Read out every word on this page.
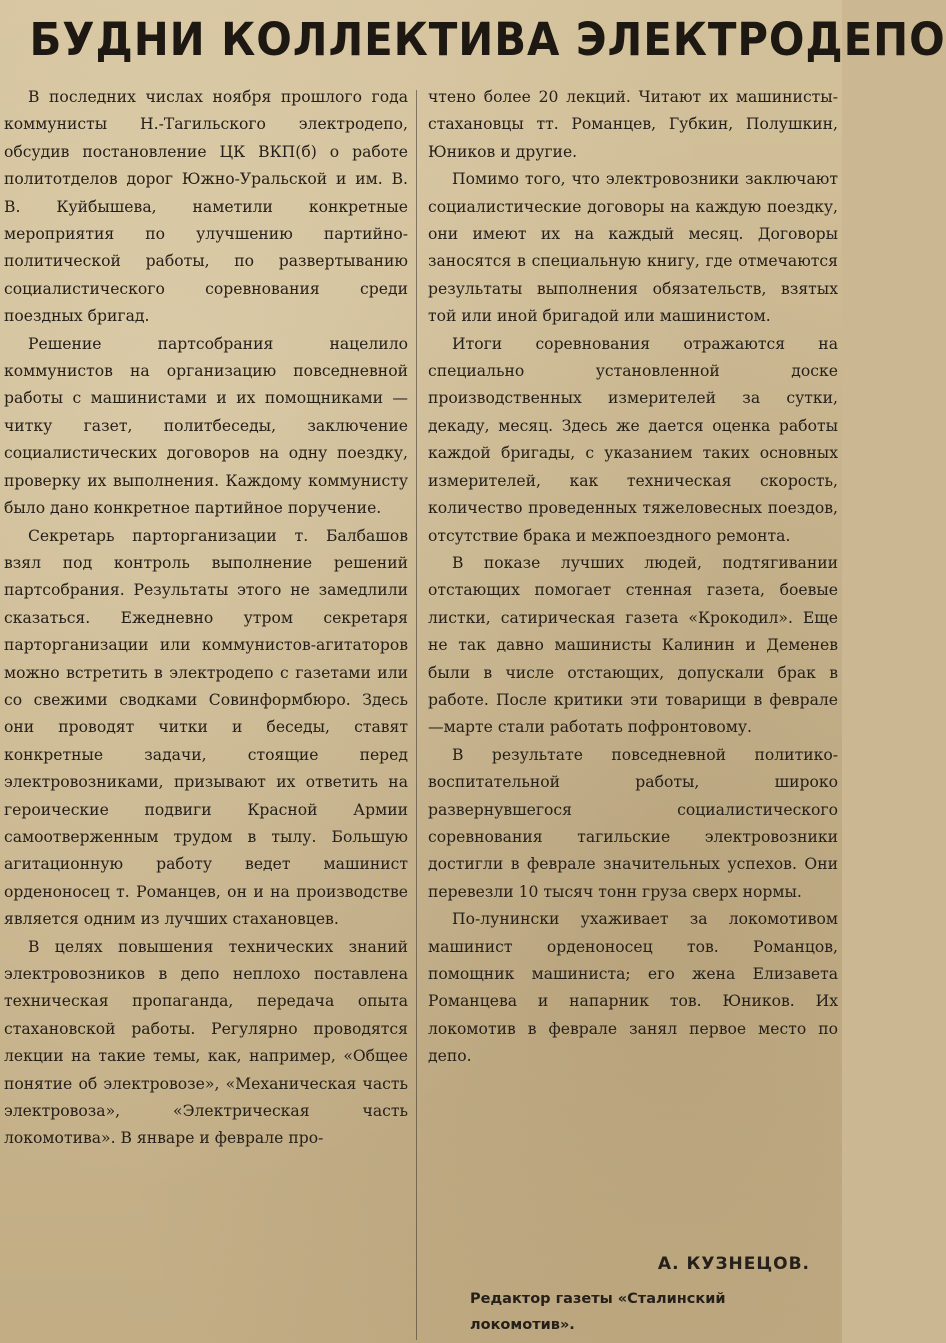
БУДНИ КОЛЛЕКТИВА ЭЛЕКТРОДЕПО

В последних числах ноября прошлого года коммунисты Н.-Тагильского электродепо, обсудив постановление ЦК ВКП(б) о работе политотделов дорог Южно-Уральской и им. В. В. Куйбышева, наметили конкретные мероприятия по улучшению партийно-политической работы, по развертыванию социалистического соревнования среди поездных бригад.

Решение партсобрания нацелило коммунистов на организацию повседневной работы с машинистами и их помощниками — читку газет, политбеседы, заключение социалистических договоров на одну поездку, проверку их выполнения. Каждому коммунисту было дано конкретное партийное поручение.

Секретарь парторганизации т. Балбашов взял под контроль выполнение решений партсобрания. Результаты этого не замедлили сказаться. Ежедневно утром секретаря парторганизации или коммунистов-агитаторов можно встретить в электродепо с газетами или со свежими сводками Совинформбюро. Здесь они проводят читки и беседы, ставят конкретные задачи, стоящие перед электровозниками, призывают их ответить на героические подвиги Красной Армии самоотверженным трудом в тылу. Большую агитационную работу ведет машинист орденоносец т. Романцев, он и на производстве является одним из лучших стахановцев.

В целях повышения технических знаний электровозников в депо неплохо поставлена техническая пропаганда, передача опыта стахановской работы. Регулярно проводятся лекции на такие темы, как, например, «Общее понятие об электровозе», «Механическая часть электровоза», «Электрическая часть локомотива». В январе и феврале про-

чтено более 20 лекций. Читают их машинисты-стахановцы тт. Романцев, Губкин, Полушкин, Юников и другие.

Помимо того, что электровозники заключают социалистические договоры на каждую поездку, они имеют их на каждый месяц. Договоры заносятся в специальную книгу, где отмечаются результаты выполнения обязательств, взятых той или иной бригадой или машинистом.

Итоги соревнования отражаются на специально установленной доске производственных измерителей за сутки, декаду, месяц. Здесь же дается оценка работы каждой бригады, с указанием таких основных измерителей, как техническая скорость, количество проведенных тяжеловесных поездов, отсутствие брака и межпоездного ремонта.

В показе лучших людей, подтягивании отстающих помогает стенная газета, боевые листки, сатирическая газета «Крокодил». Еще не так давно машинисты Калинин и Деменев были в числе отстающих, допускали брак в работе. После критики эти товарищи в феврале—марте стали работать пофронтовому.

В результате повседневной политико-воспитательной работы, широко развернувшегося социалистического соревнования тагильские электровозники достигли в феврале значительных успехов. Они перевезли 10 тысяч тонн груза сверх нормы.

По-лунински ухаживает за локомотивом машинист орденоносец тов. Романцов, помощник машиниста; его жена Елизавета Романцева и напарник тов. Юников. Их локомотив в феврале занял первое место по депо.

А. КУЗНЕЦОВ.
Редактор газеты «Сталинский локомотив».
